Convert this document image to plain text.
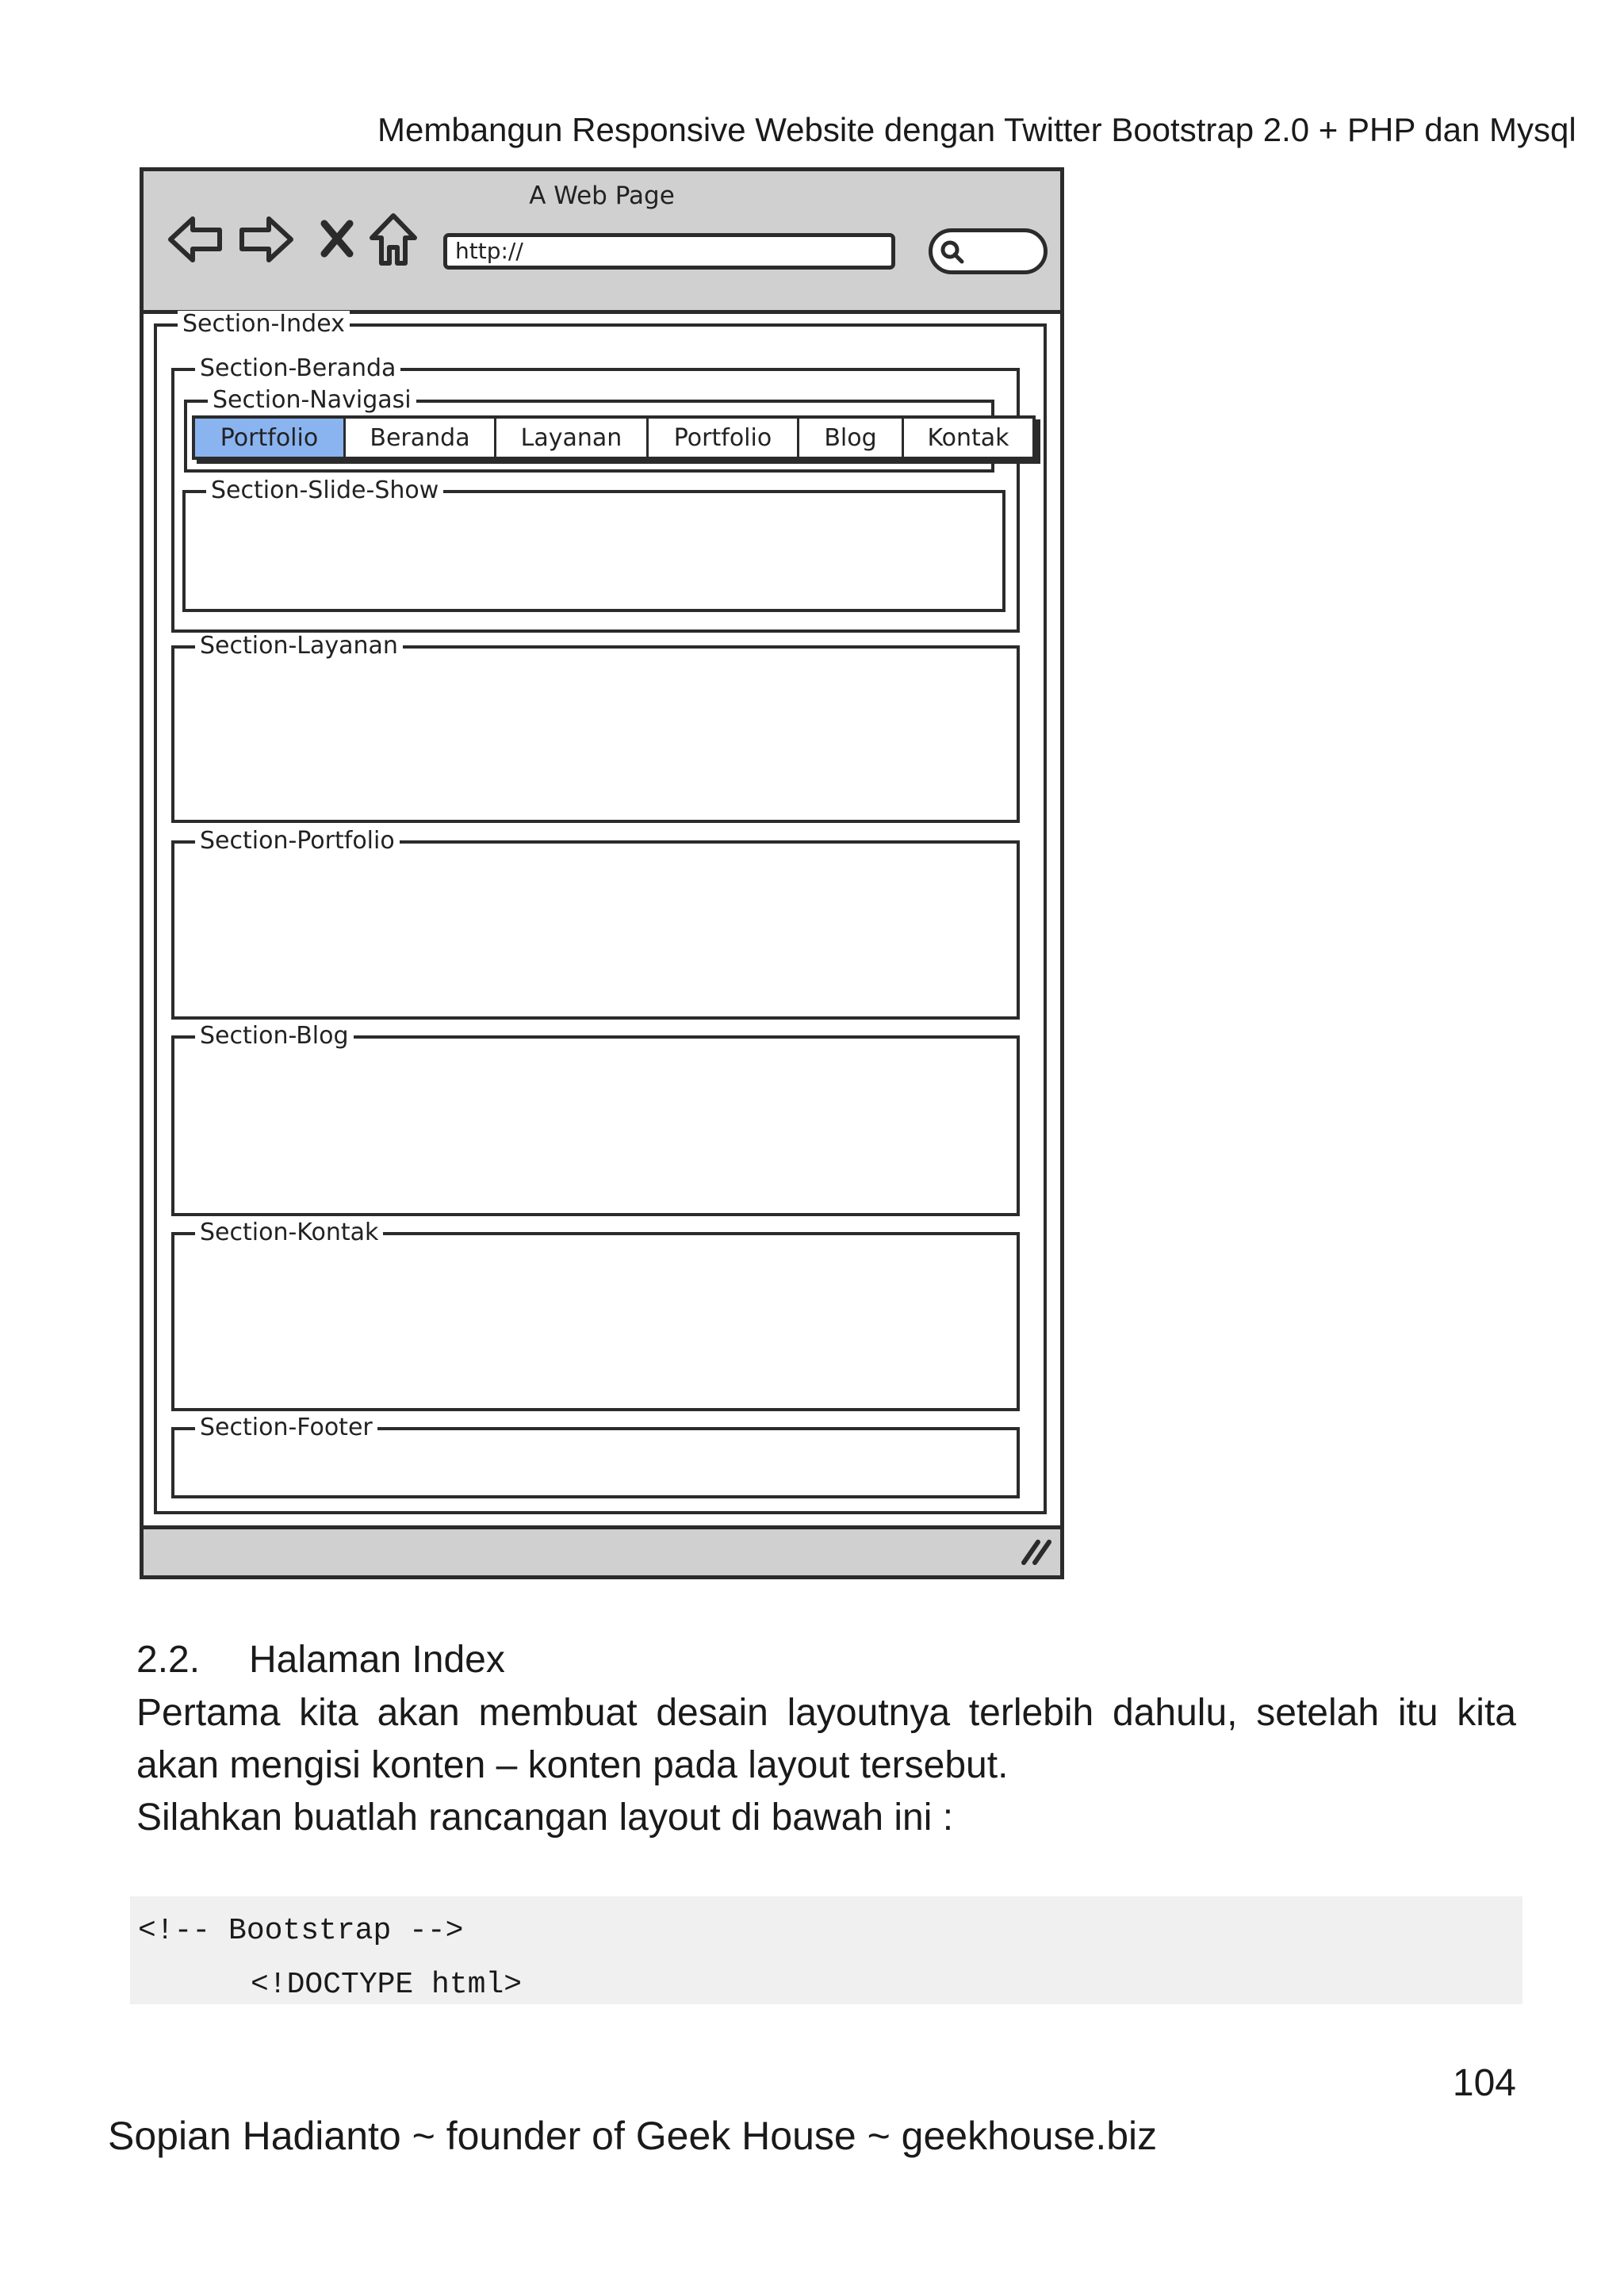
Membangun Responsive Website dengan Twitter Bootstrap 2.0 + PHP dan Mysql
A Web Page
http://
Section-Index
Section-Beranda
Section-Navigasi
Portfolio	Beranda	Layanan	Portfolio	Blog	Kontak
Section-Slide-Show
Section-Layanan
Section-Portfolio
Section-Blog
Section-Kontak
Section-Footer
2.2. Halaman Index
Pertama kita akan membuat desain layoutnya terlebih dahulu, setelah itu kita
akan mengisi konten – konten pada layout tersebut.
Silahkan buatlah rancangan layout di bawah ini :
<!-- Bootstrap -->
<!DOCTYPE html>
104
Sopian Hadianto ~ founder of Geek House ~ geekhouse.biz
